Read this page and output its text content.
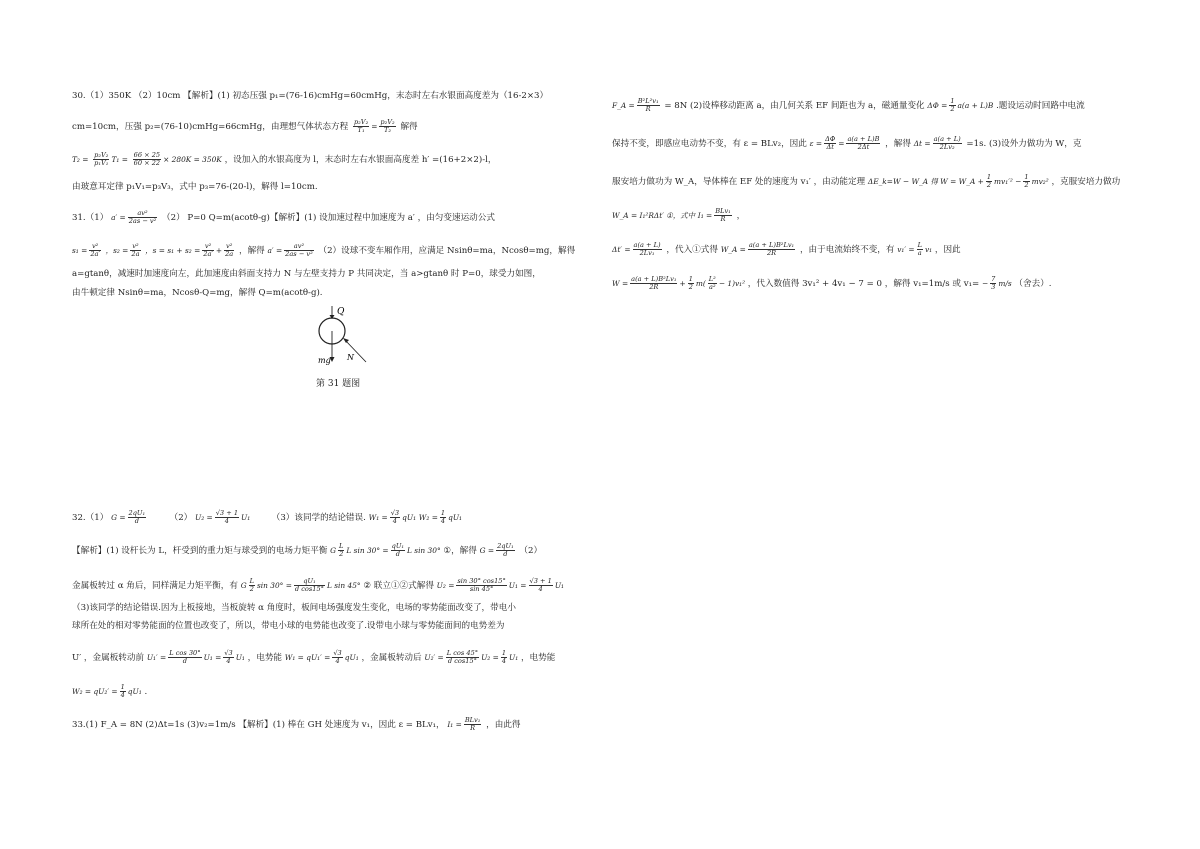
30.（1）350K （2）10cm 【解析】(1) 初态压强 p₁=(76-16)cmHg=60cmHg，末态时左右水银面高度差为（16-2×3）
cm=10cm，压强 p₂=(76-10)cmHg=66cmHg，由理想气体状态方程 $\frac{\text{p₂V₂}}{\text{T₁}} = \frac{\text{p₂V₂}}{\text{T₂}}$ 解得
$T_2 = \frac{\text{p₂V₂}}{\text{p₁V₁}} T_1 = \frac{66 \times 25}{60 \times 22} \times 280K = 350K$ ，设加入的水银高度为 l，末态时左右水银面高度差 h′ =(16+2×2)-l，
由玻意耳定律 p₁V₁=p₃V₃，式中 p₃=76-(20-l)，解得 l=10cm.
31.（1） $a' = \frac{\text{av²}}{\text{2as − v²}} (2)$ P=0 Q=m(acotθ-g)【解析】(1) 设加速过程中加速度为 a′ ，由匀变速运动公式
$s_1 = \frac{\text{v²}}{2a'}$ ，$s_2 = \frac{\text{v²}}{2a}$ ，$s = s_1 + s_2 = \frac{\text{v²}}{2a'} + \frac{\text{v²}}{2a}$ ，解得 $a' = \frac{\text{av²}}{\text{2as − v²}} (2)$设球不变车厢作用，应满足 Nsinθ=ma，Ncosθ=mg，解得
a=gtanθ，减速时加速度向左，此加速度由斜面支持力 N 与左壁支持力 P 共同决定，当 a>gtanθ 时 P=0，球受力如图，
由牛顿定律 Nsinθ=ma，Ncosθ-Q=mg，解得 Q=m(acotθ-g).
32.（1） $G = \frac{\text{2qU₁}}{d}$	（2） $U_2 = \frac{√3 + 1}{4} U_1$ （3）该同学的结论错误. $W_1 = \frac{√3}{4} qU_1$ $W_2 = \frac{1}{4} qU_1$
【解析】(1) 设杆长为 L，杆受到的重力矩与球受到的电场力矩平衡 G $\frac{L}{2}$ L $\sin 30^\circ = \frac{\text{qU₁}}{d}$ L sin 30° ①，解得 $G = \frac{\text{2qU₁}}{d} (2)$
金属板转过 α 角后，同样满足力矩平衡，有 G $\frac{L}{2}$ $\sin 30^\circ = \frac{\text{qU₁}}{\text{d cos15°}}$ L sin 45° ② 联立①②式解得 $U_2 = \frac{\sin 30^\circ \cos 15^\circ}{\sin 45^\circ} U_1 = \frac{√3 + 1}{4} U_1$
（3)该同学的结论错误.因为上板接地，当板旋转 α 角度时，板间电场强度发生变化，电场的零势能面改变了，带电小
球所在处的相对零势能面的位置也改变了，所以，带电小球的电势能也改变了.设带电小球与零势能面间的电势差为
U′ ，金属板转动前 $U_1' = \frac{\text{L cos 30°}}{d} U_1 = \frac{√3}{4} U_1$ ，电势能 $W_1 = qU_1' = \frac{√3}{4} qU_1$ ，金属板转动后 $U_2' = \frac{\text{L cos 45°}}{\text{d cos15°}} U_2 = \frac{1}{4} U_1$ ，电势能
$W_2 = qU_2' = \frac{1}{4} qU_1$ .
33.(1) F_A = 8N (2)Δt=1s (3)v₂=1m/s 【解析】(1) 棒在 GH 处速度为 v₁，因此 ε = BLv₁， $I_1 = \frac{\text{BLv₁}}{R}$ ，由此得
Q
mg N
第 31 题图
F_A = $\frac{\text{B²L²v₁}}{R} = 8N$ (2)设棒移动距离 a，由几何关系 EF 间距也为 a，磁通量变化 $\Delta\Phi = \frac{1}{2} a(a + L)B$ .题设运动时回路中电流
保持不变，即感应电动势不变，有 ε = BLv₂，因此 $\varepsilon = \frac{\Delta\Phi}{\Delta t} = \frac{a(a + L)B}{2\Delta t}$ ，解得 $\Delta t = \frac{a(a + L)}{\text{2Lv₂}} =1s$. (3)设外力做功为 W，克
服安培力做功为 W_A，导体棒在 EF 处的速度为 v₁′ ，由动能定理 ΔE_k=W − W_A 得 W = W_A + $\frac{1}{2} mv_1'^2 - \frac{1}{2} mv_2^2$ ，克服安培力做功
W_A = I₁²RΔt′ ①，式中 $I_1 = \frac{\text{BLv₁}}{R}$ ，
$\Delta t' = \frac{a(a + L)}{\text{2Lv₁}}$ ，代入①式得 W_A = $\frac{\text{a(a + L)B²Lv₁}}{2R}$ ，由于电流始终不变，有 $v_1' = \frac{L}{a} v_1$ ，因此
$W = \frac{\text{a(a + L)B²Lv₁}}{2R} + \frac{1}{2} m( \frac{\text{L²}}{\text{a²}} - 1)v_1^2$ ，代入数值得 3v₁² + 4v₁ − 7 = 0 ，解得 v₁=1m/s 或 $v_1= - \frac{7}{3} m/s$ （舍去）.
